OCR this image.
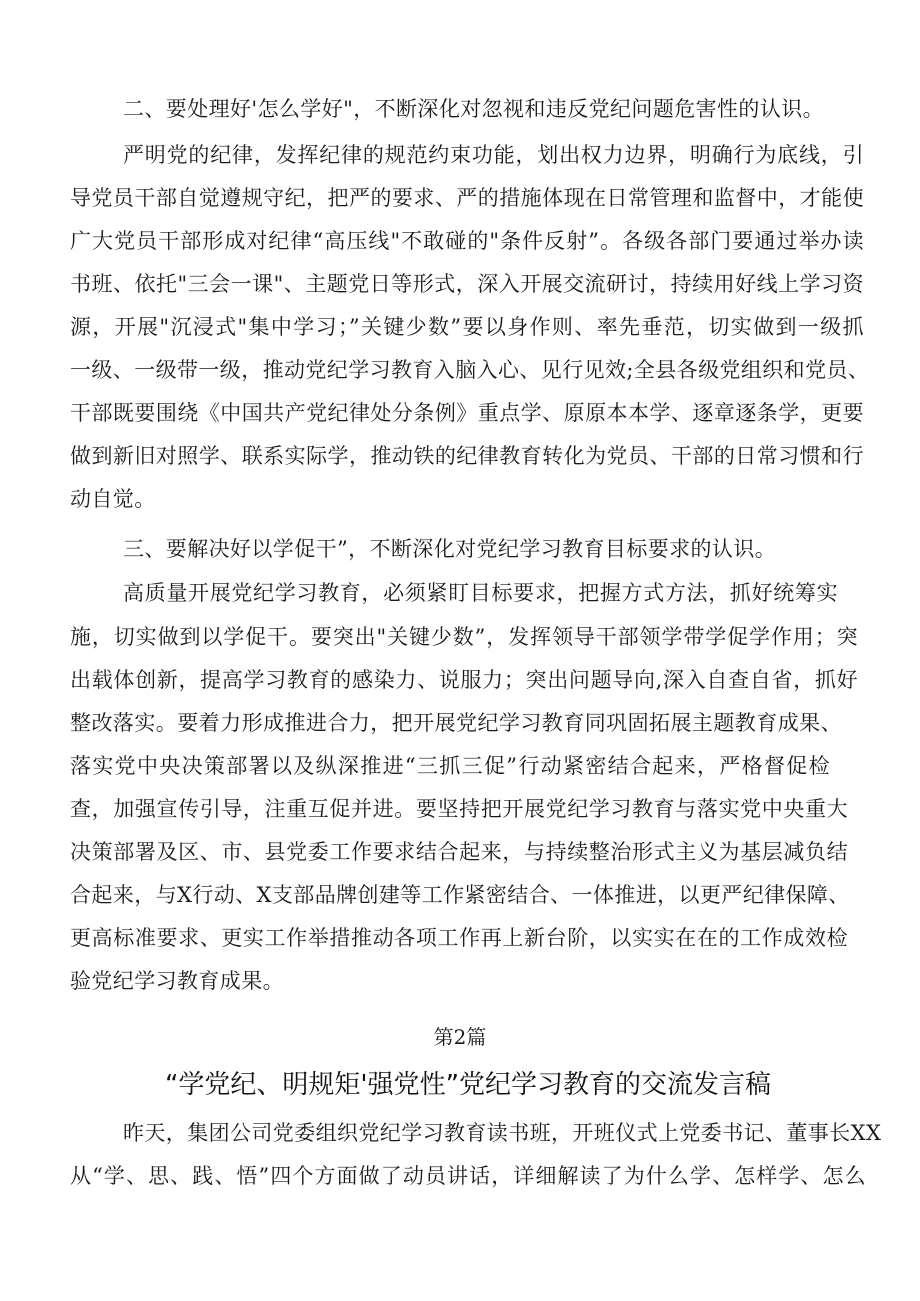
二、要处理好'怎么学好"，不断深化对忽视和违反党纪问题危害性的认识。
严明党的纪律，发挥纪律的规范约束功能，划出权力边界，明确行为底线，引
导党员干部自觉遵规守纪，把严的要求、严的措施体现在日常管理和监督中，才能使
广大党员干部形成对纪律“高压线"不敢碰的"条件反射”。各级各部门要通过举办读
书班、依托"三会一课"、主题党日等形式，深入开展交流研讨，持续用好线上学习资
源，开展"沉浸式"集中学习；”关键少数”要以身作则、率先垂范，切实做到一级抓
一级、一级带一级，推动党纪学习教育入脑入心、见行见效;全县各级党组织和党员、
干部既要围绕《中国共产党纪律处分条例》重点学、原原本本学、逐章逐条学，更要
做到新旧对照学、联系实际学，推动铁的纪律教育转化为党员、干部的日常习惯和行
动自觉。
三、要解决好以学促干”，不断深化对党纪学习教育目标要求的认识。
高质量开展党纪学习教育，必须紧盯目标要求，把握方式方法，抓好统筹实
施，切实做到以学促干。要突出"关键少数”，发挥领导干部领学带学促学作用；突
出载体创新，提高学习教育的感染力、说服力；突出问题导向,深入自查自省，抓好
整改落实。要着力形成推进合力，把开展党纪学习教育同巩固拓展主题教育成果、
落实党中央决策部署以及纵深推进“三抓三促”行动紧密结合起来，严格督促检
查，加强宣传引导，注重互促并进。要坚持把开展党纪学习教育与落实党中央重大
决策部署及区、市、县党委工作要求结合起来，与持续整治形式主义为基层减负结
合起来，与X行动、X支部品牌创建等工作紧密结合、一体推进，以更严纪律保障、
更高标准要求、更实工作举措推动各项工作再上新台阶，以实实在在的工作成效检
验党纪学习教育成果。
第2篇
“学党纪、明规矩'强党性”党纪学习教育的交流发言稿
昨天，集团公司党委组织党纪学习教育读书班，开班仪式上党委书记、董事长XX
从“学、思、践、悟”四个方面做了动员讲话，详细解读了为什么学、怎样学、怎么
